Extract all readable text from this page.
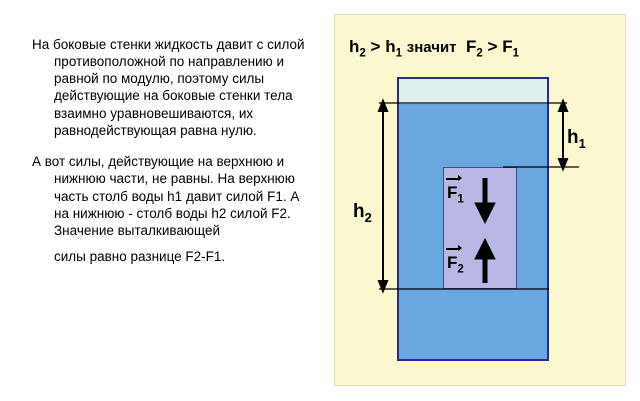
На боковые стенки жидкость давит с силой противоположной по направлению и равной по модулю, поэтому силы действующие на боковые стенки тела взаимно уравновешиваются, их равнодействующая равна нулю.

А вот силы, действующие на верхнюю и нижнюю части, не равны. На верхнюю часть столб воды h1 давит силой F1. А на нижнюю - столб воды h2 силой F2. Значение выталкивающей
силы равно разнице F2-F1.

$h_2 > h_1$ значит $F_2 > F_1$
$h_1$
$h_2$
$F_1$
$F_2$
